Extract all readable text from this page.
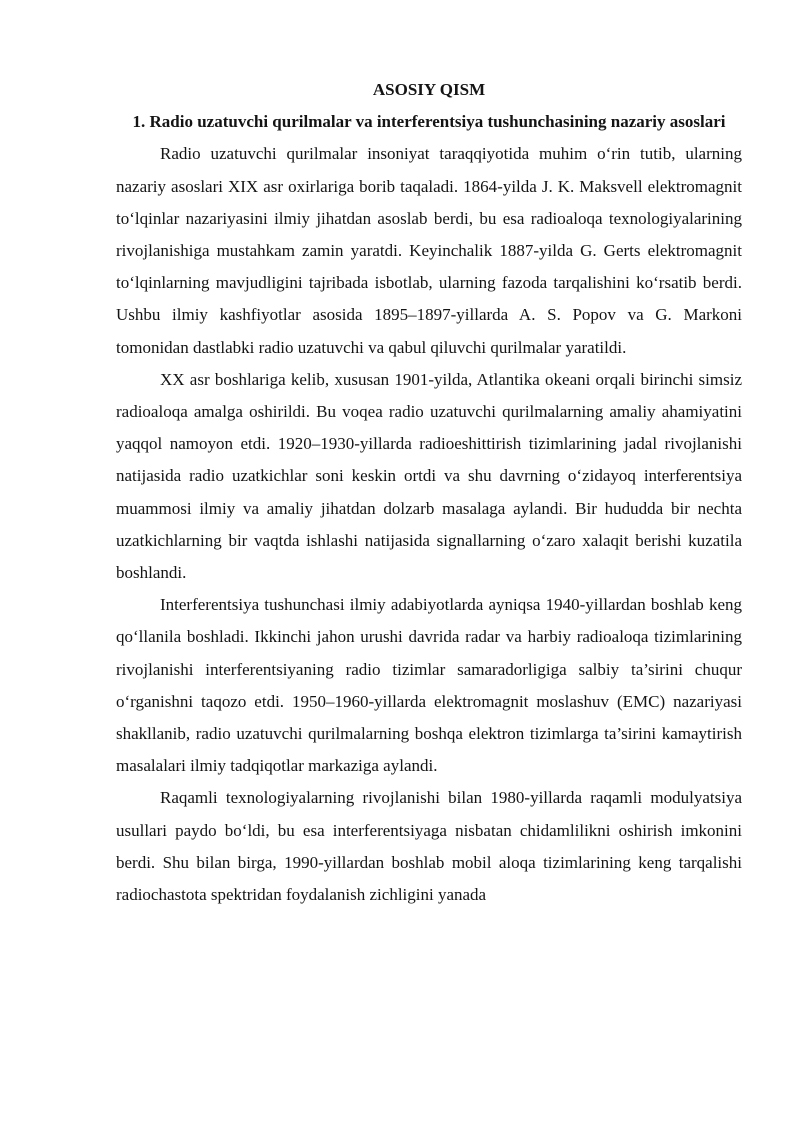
ASOSIY QISM

1. Radio uzatuvchi qurilmalar va interferentsiya tushunchasining nazariy asoslari

Radio uzatuvchi qurilmalar insoniyat taraqqiyotida muhim o‘rin tutib, ularning nazariy asoslari XIX asr oxirlariga borib taqaladi. 1864-yilda J. K. Maksvell elektromagnit to‘lqinlar nazariyasini ilmiy jihatdan asoslab berdi, bu esa radioaloqa texnologiyalarining rivojlanishiga mustahkam zamin yaratdi. Keyinchalik 1887-yilda G. Gerts elektromagnit to‘lqinlarning mavjudligini tajribada isbotlab, ularning fazoda tarqalishini ko‘rsatib berdi. Ushbu ilmiy kashfiyotlar asosida 1895–1897-yillarda A. S. Popov va G. Markoni tomonidan dastlabki radio uzatuvchi va qabul qiluvchi qurilmalar yaratildi.

XX asr boshlariga kelib, xususan 1901-yilda, Atlantika okeani orqali birinchi simsiz radioaloqa amalga oshirildi. Bu voqea radio uzatuvchi qurilmalarning amaliy ahamiyatini yaqqol namoyon etdi. 1920–1930-yillarda radioeshittirish tizimlarining jadal rivojlanishi natijasida radio uzatkichlar soni keskin ortdi va shu davrning o‘zidayoq interferentsiya muammosi ilmiy va amaliy jihatdan dolzarb masalaga aylandi. Bir hududda bir nechta uzatkichlarning bir vaqtda ishlashi natijasida signallarning o‘zaro xalaqit berishi kuzatila boshlandi.

Interferentsiya tushunchasi ilmiy adabiyotlarda ayniqsa 1940-yillardan boshlab keng qo‘llanila boshladi. Ikkinchi jahon urushi davrida radar va harbiy radioaloqa tizimlarining rivojlanishi interferentsiyaning radio tizimlar samaradorligiga salbiy ta’sirini chuqur o‘rganishni taqozo etdi. 1950–1960-yillarda elektromagnit moslashuv (EMC) nazariyasi shakllanib, radio uzatuvchi qurilmalarning boshqa elektron tizimlarga ta’sirini kamaytirish masalalari ilmiy tadqiqotlar markaziga aylandi.

Raqamli texnologiyalarning rivojlanishi bilan 1980-yillarda raqamli modulyatsiya usullari paydo bo‘ldi, bu esa interferentsiyaga nisbatan chidamlilikni oshirish imkonini berdi. Shu bilan birga, 1990-yillardan boshlab mobil aloqa tizimlarining keng tarqalishi radiochastota spektridan foydalanish zichligini yanada
